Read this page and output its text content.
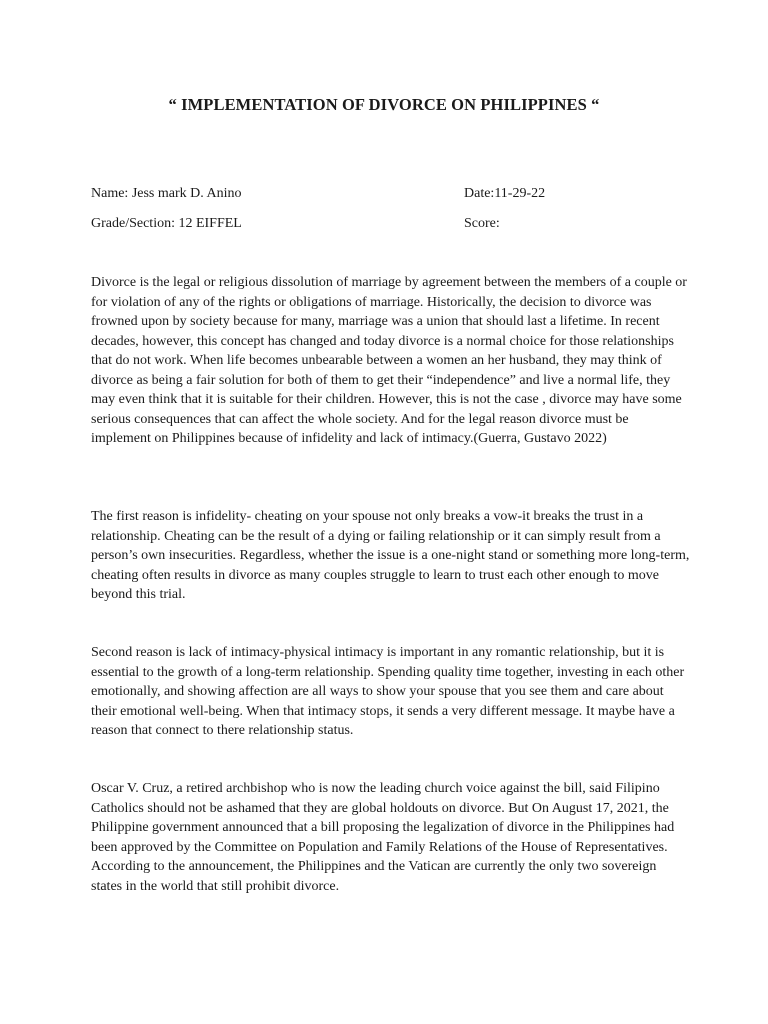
“ IMPLEMENTATION OF DIVORCE ON PHILIPPINES “
Name: Jess mark D. Anino	Date:11-29-22
Grade/Section: 12 EIFFEL	Score:

Divorce is the legal or religious dissolution of marriage by agreement between the members of a couple or for violation of any of the rights or obligations of marriage. Historically, the decision to divorce was frowned upon by society because for many, marriage was a union that should last a lifetime. In recent decades, however, this concept has changed and today divorce is a normal choice for those relationships that do not work. When life becomes unbearable between a women an her husband, they may think of divorce as being a fair solution for both of them to get their “independence” and live a normal life, they may even think that it is suitable for their children. However, this is not the case , divorce may have some serious consequences that can affect the whole society. And for the legal reason divorce must be implement on Philippines because of infidelity and lack of intimacy.(Guerra, Gustavo 2022)

The first reason is infidelity- cheating on your spouse not only breaks a vow-it breaks the trust in a relationship. Cheating can be the result of a dying or failing relationship or it can simply result from a person’s own insecurities. Regardless, whether the issue is a one-night stand or something more long-term, cheating often results in divorce as many couples struggle to learn to trust each other enough to move beyond this trial.

Second reason is lack of intimacy-physical intimacy is important in any romantic relationship, but it is essential to the growth of a long-term relationship. Spending quality time together, investing in each other emotionally, and showing affection are all ways to show your spouse that you see them and care about their emotional well-being. When that intimacy stops, it sends a very different message. It maybe have a reason that connect to there relationship status.

Oscar V. Cruz, a retired archbishop who is now the leading church voice against the bill, said Filipino Catholics should not be ashamed that they are global holdouts on divorce. But On August 17, 2021, the Philippine government announced that a bill proposing the legalization of divorce in the Philippines had been approved by the Committee on Population and Family Relations of the House of Representatives. According to the announcement, the Philippines and the Vatican are currently the only two sovereign states in the world that still prohibit divorce.
